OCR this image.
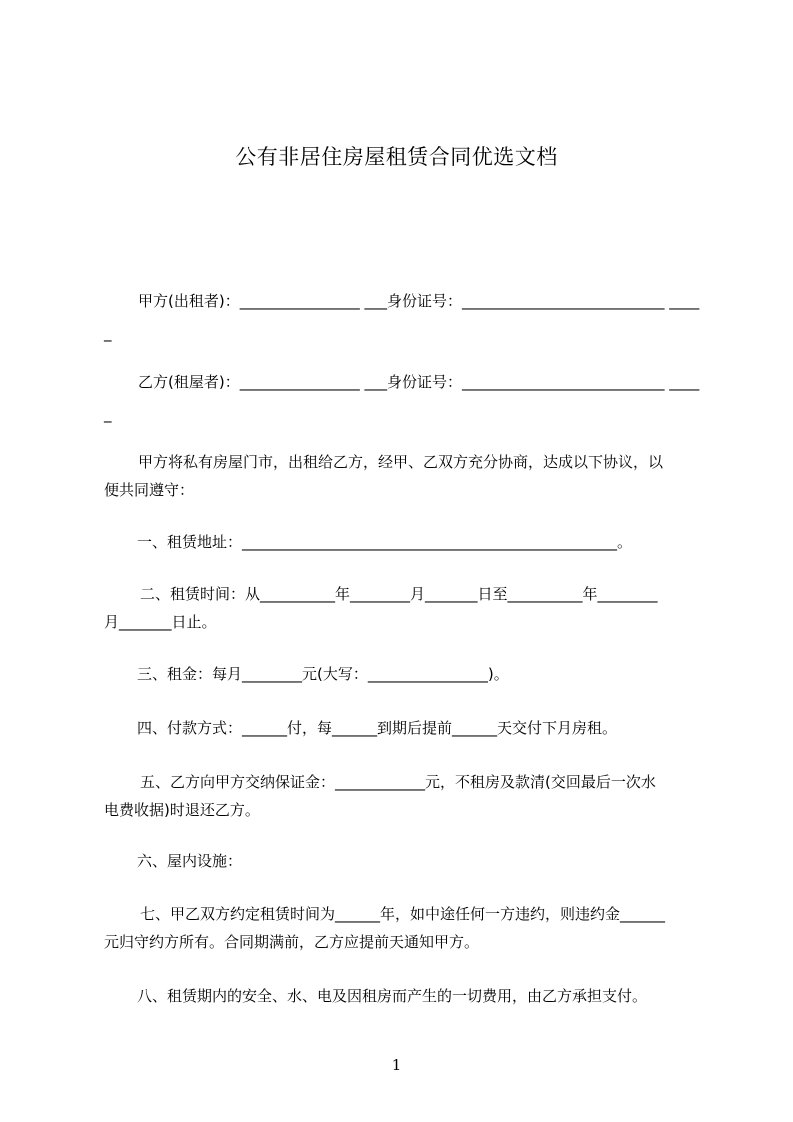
公有非居住房屋租赁合同优选文档
甲方(出租者)：________________ ___身份证号：___________________________ ____
_
乙方(租屋者)：________________ ___身份证号：___________________________ ____
_
甲方将私有房屋门市，出租给乙方，经甲、乙双方充分协商，达成以下协议，以
便共同遵守：
一、租赁地址：__________________________________________________。
二、租赁时间：从__________年________月_______日至__________年________
月_______日止。
三、租金：每月________元(大写：________________)。
四、付款方式：______付，每______到期后提前______天交付下月房租。
五、乙方向甲方交纳保证金：____________元，不租房及款清(交回最后一次水
电费收据)时退还乙方。
六、屋内设施：
七、甲乙双方约定租赁时间为______年，如中途任何一方违约，则违约金______
元归守约方所有。合同期满前，乙方应提前天通知甲方。
八、租赁期内的安全、水、电及因租房而产生的一切费用，由乙方承担支付。
1
